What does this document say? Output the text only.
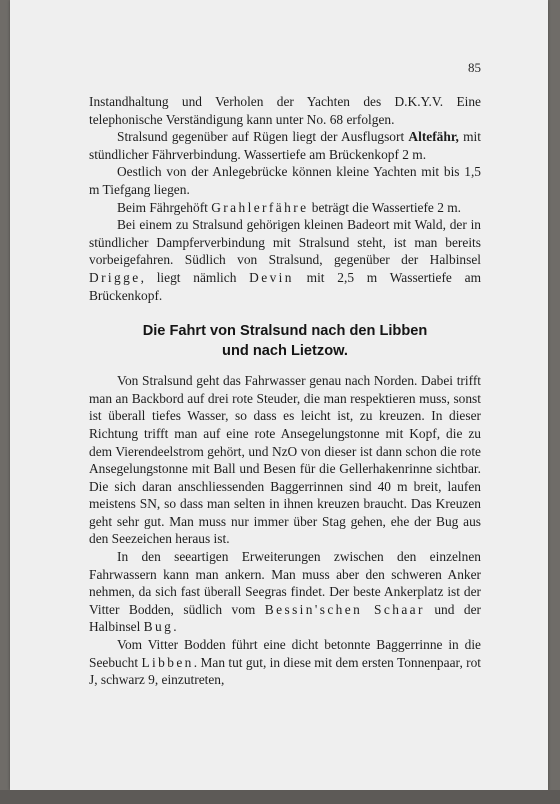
85

Instandhaltung und Verholen der Yachten des D.K.Y.V. Eine telephonische Verständigung kann unter No. 68 erfolgen.

Stralsund gegenüber auf Rügen liegt der Ausflugsort Altefähr, mit stündlicher Fährverbindung. Wassertiefe am Brückenkopf 2 m.

Oestlich von der Anlegebrücke können kleine Yachten mit bis 1,5 m Tiefgang liegen.

Beim Fährgehöft Grahlerfähre beträgt die Wassertiefe 2 m.

Bei einem zu Stralsund gehörigen kleinen Badeort mit Wald, der in stündlicher Dampferverbindung mit Stralsund steht, ist man bereits vorbeigefahren. Südlich von Stralsund, gegenüber der Halbinsel Drigge, liegt nämlich Devin mit 2,5 m Wassertiefe am Brückenkopf.

Die Fahrt von Stralsund nach den Libben
und nach Lietzow.

Von Stralsund geht das Fahrwasser genau nach Norden. Dabei trifft man an Backbord auf drei rote Steuder, die man respektieren muss, sonst ist überall tiefes Wasser, so dass es leicht ist, zu kreuzen. In dieser Richtung trifft man auf eine rote Ansegelungstonne mit Kopf, die zu dem Vierendeelstrom gehört, und NzO von dieser ist dann schon die rote Ansegelungstonne mit Ball und Besen für die Gellerhakenrinne sichtbar. Die sich daran anschliessenden Baggerrinnen sind 40 m breit, laufen meistens SN, so dass man selten in ihnen kreuzen braucht. Das Kreuzen geht sehr gut. Man muss nur immer über Stag gehen, ehe der Bug aus den Seezeichen heraus ist.

In den seeartigen Erweiterungen zwischen den einzelnen Fahrwassern kann man ankern. Man muss aber den schweren Anker nehmen, da sich fast überall Seegras findet. Der beste Ankerplatz ist der Vitter Bodden, südlich vom Bessin'schen Schaar und der Halbinsel Bug.

Vom Vitter Bodden führt eine dicht betonnte Baggerrinne in die Seebucht Libben. Man tut gut, in diese mit dem ersten Tonnenpaar, rot J, schwarz 9, einzutreten,
